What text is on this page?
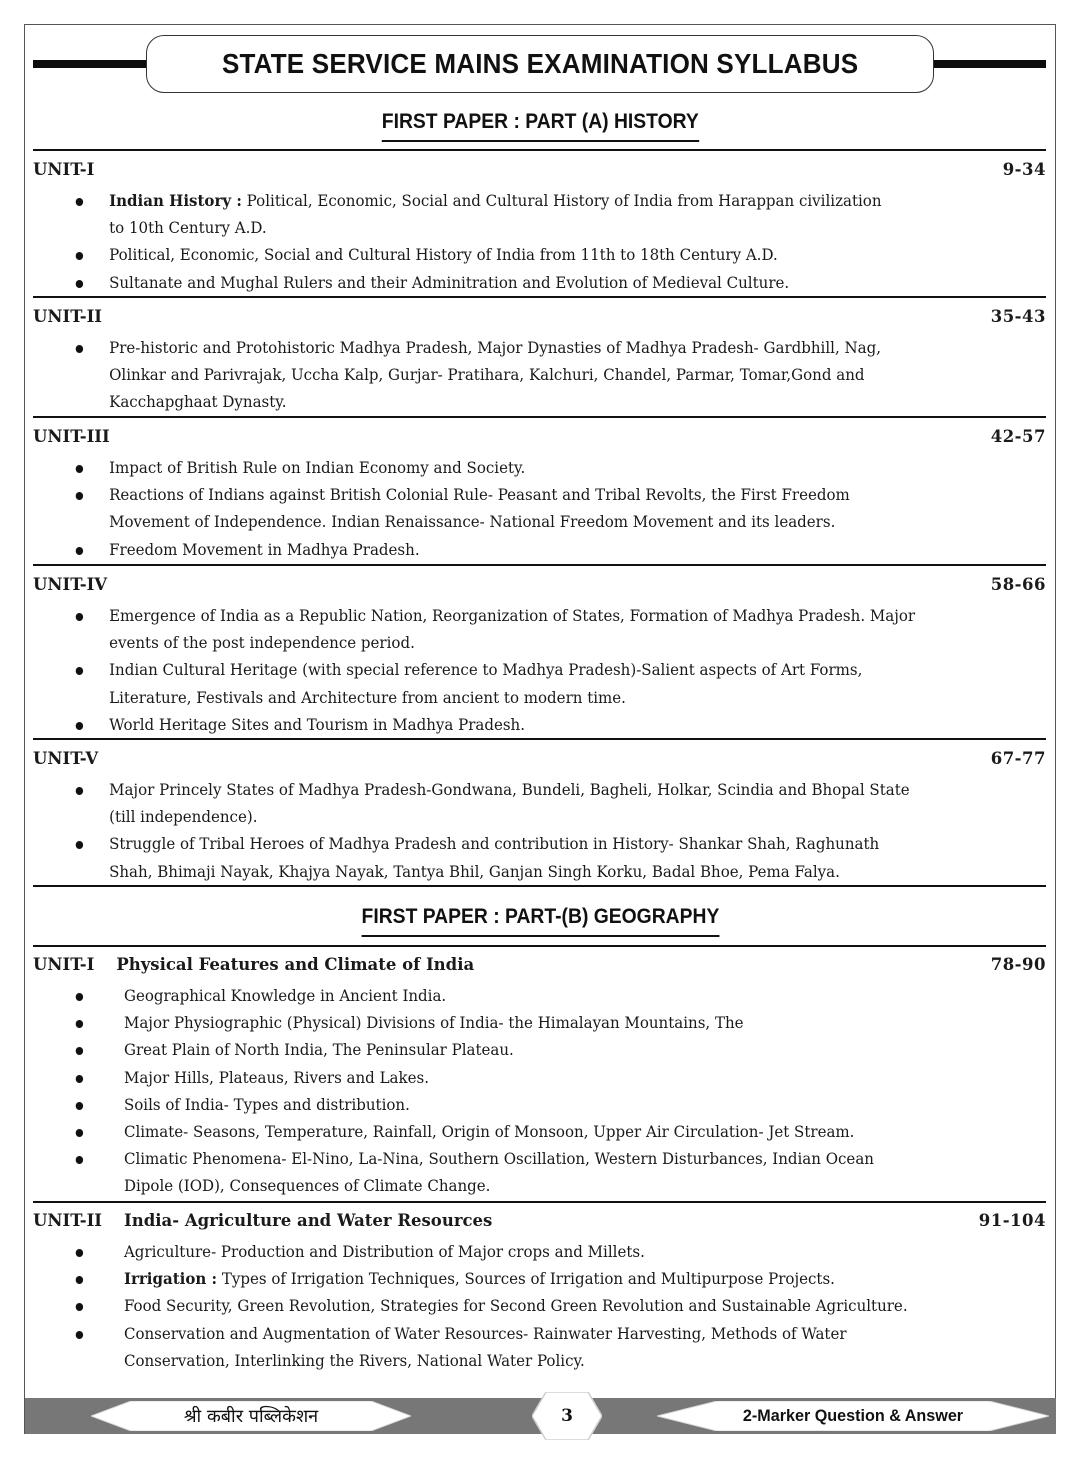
STATE SERVICE MAINS EXAMINATION SYLLABUS
FIRST PAPER : PART (A) HISTORY
UNIT-I	9-34
Indian History : Political, Economic, Social and Cultural History of India from Harappan civilization
to 10th Century A.D.
Political, Economic, Social and Cultural History of India from 11th to 18th Century A.D.
Sultanate and Mughal Rulers and their Adminitration and Evolution of Medieval Culture.
UNIT-II	35-43
Pre-historic and Protohistoric Madhya Pradesh, Major Dynasties of Madhya Pradesh- Gardbhill, Nag,
Olinkar and Parivrajak, Uccha Kalp, Gurjar- Pratihara, Kalchuri, Chandel, Parmar, Tomar,Gond and
Kacchapghaat Dynasty.
UNIT-III	42-57
Impact of British Rule on Indian Economy and Society.
Reactions of Indians against British Colonial Rule- Peasant and Tribal Revolts, the First Freedom
Movement of Independence. Indian Renaissance- National Freedom Movement and its leaders.
Freedom Movement in Madhya Pradesh.
UNIT-IV	58-66
Emergence of India as a Republic Nation, Reorganization of States, Formation of Madhya Pradesh. Major
events of the post independence period.
Indian Cultural Heritage (with special reference to Madhya Pradesh)-Salient aspects of Art Forms,
Literature, Festivals and Architecture from ancient to modern time.
World Heritage Sites and Tourism in Madhya Pradesh.
UNIT-V	67-77
Major Princely States of Madhya Pradesh-Gondwana, Bundeli, Bagheli, Holkar, Scindia and Bhopal State
(till independence).
Struggle of Tribal Heroes of Madhya Pradesh and contribution in History- Shankar Shah, Raghunath
Shah, Bhimaji Nayak, Khajya Nayak, Tantya Bhil, Ganjan Singh Korku, Badal Bhoe, Pema Falya.
FIRST PAPER : PART-(B) GEOGRAPHY
UNIT-I Physical Features and Climate of India	78-90
Geographical Knowledge in Ancient India.
Major Physiographic (Physical) Divisions of India- the Himalayan Mountains, The
Great Plain of North India, The Peninsular Plateau.
Major Hills, Plateaus, Rivers and Lakes.
Soils of India- Types and distribution.
Climate- Seasons, Temperature, Rainfall, Origin of Monsoon, Upper Air Circulation- Jet Stream.
Climatic Phenomena- El-Nino, La-Nina, Southern Oscillation, Western Disturbances, Indian Ocean
Dipole (IOD), Consequences of Climate Change.
UNIT-II India- Agriculture and Water Resources	91-104
Agriculture- Production and Distribution of Major crops and Millets.
Irrigation : Types of Irrigation Techniques, Sources of Irrigation and Multipurpose Projects.
Food Security, Green Revolution, Strategies for Second Green Revolution and Sustainable Agriculture.
Conservation and Augmentation of Water Resources- Rainwater Harvesting, Methods of Water
Conservation, Interlinking the Rivers, National Water Policy.
श्री कबीर पब्लिकेशन	3	2-Marker Question & Answer
